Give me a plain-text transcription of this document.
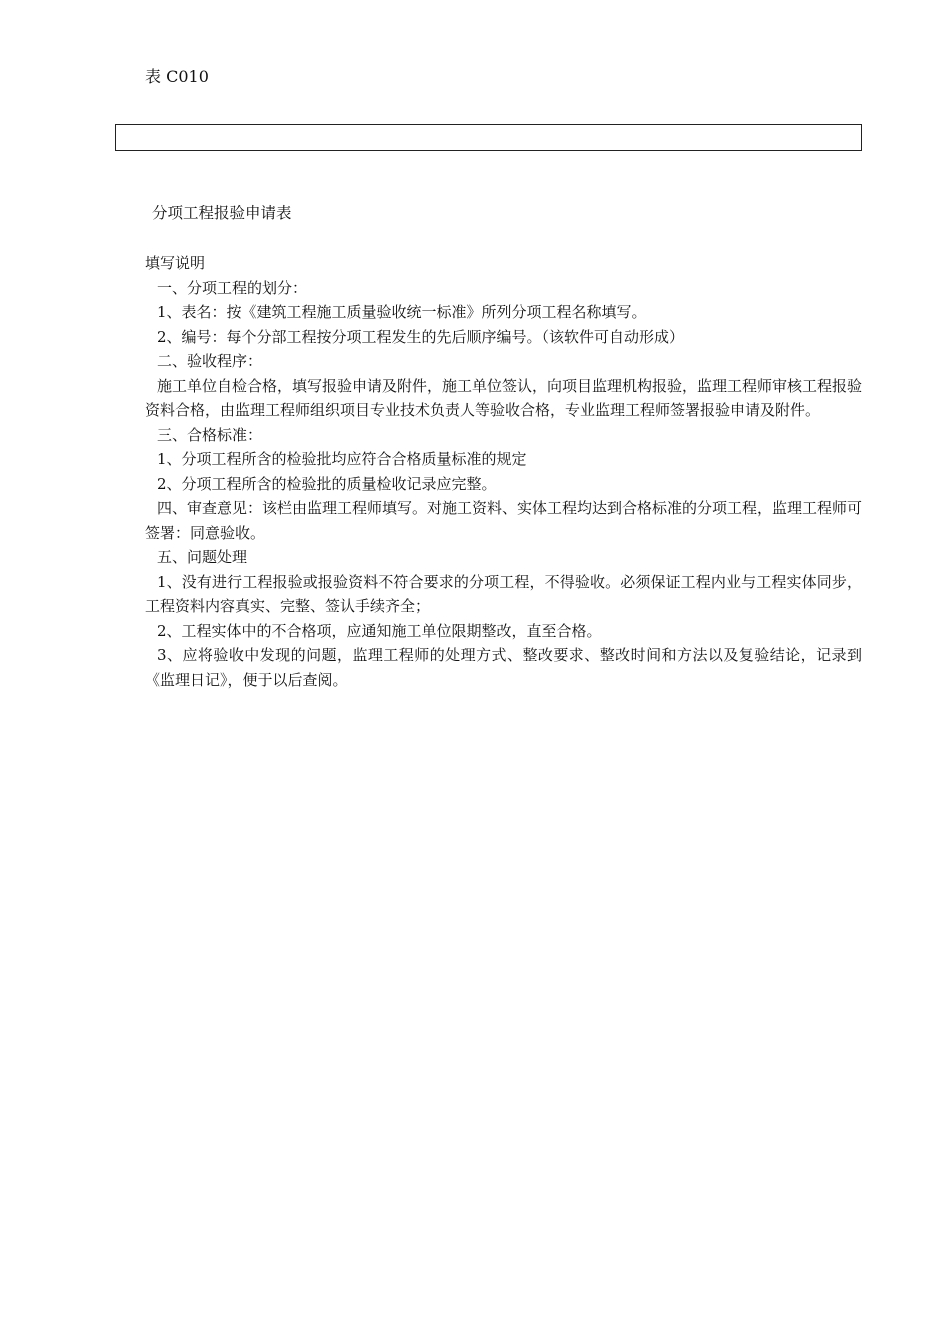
表 C010
分项工程报验申请表

填写说明

一、分项工程的划分：

1、表名：按《建筑工程施工质量验收统一标准》所列分项工程名称填写。

2、编号：每个分部工程按分项工程发生的先后顺序编号。（该软件可自动形成）

二、验收程序：

施工单位自检合格，填写报验申请及附件，施工单位签认，向项目监理机构报验，监理工程师审核工程报验资料合格，由监理工程师组织项目专业技术负责人等验收合格，专业监理工程师签署报验申请及附件。

三、合格标准：

1、分项工程所含的检验批均应符合合格质量标准的规定

2、分项工程所含的检验批的质量检收记录应完整。

四、审查意见：该栏由监理工程师填写。对施工资料、实体工程均达到合格标准的分项工程，监理工程师可签署：同意验收。

五、问题处理

1、没有进行工程报验或报验资料不符合要求的分项工程，不得验收。必须保证工程内业与工程实体同步，工程资料内容真实、完整、签认手续齐全；

2、工程实体中的不合格项，应通知施工单位限期整改，直至合格。

3、应将验收中发现的问题，监理工程师的处理方式、整改要求、整改时间和方法以及复验结论，记录到《监理日记》，便于以后查阅。
